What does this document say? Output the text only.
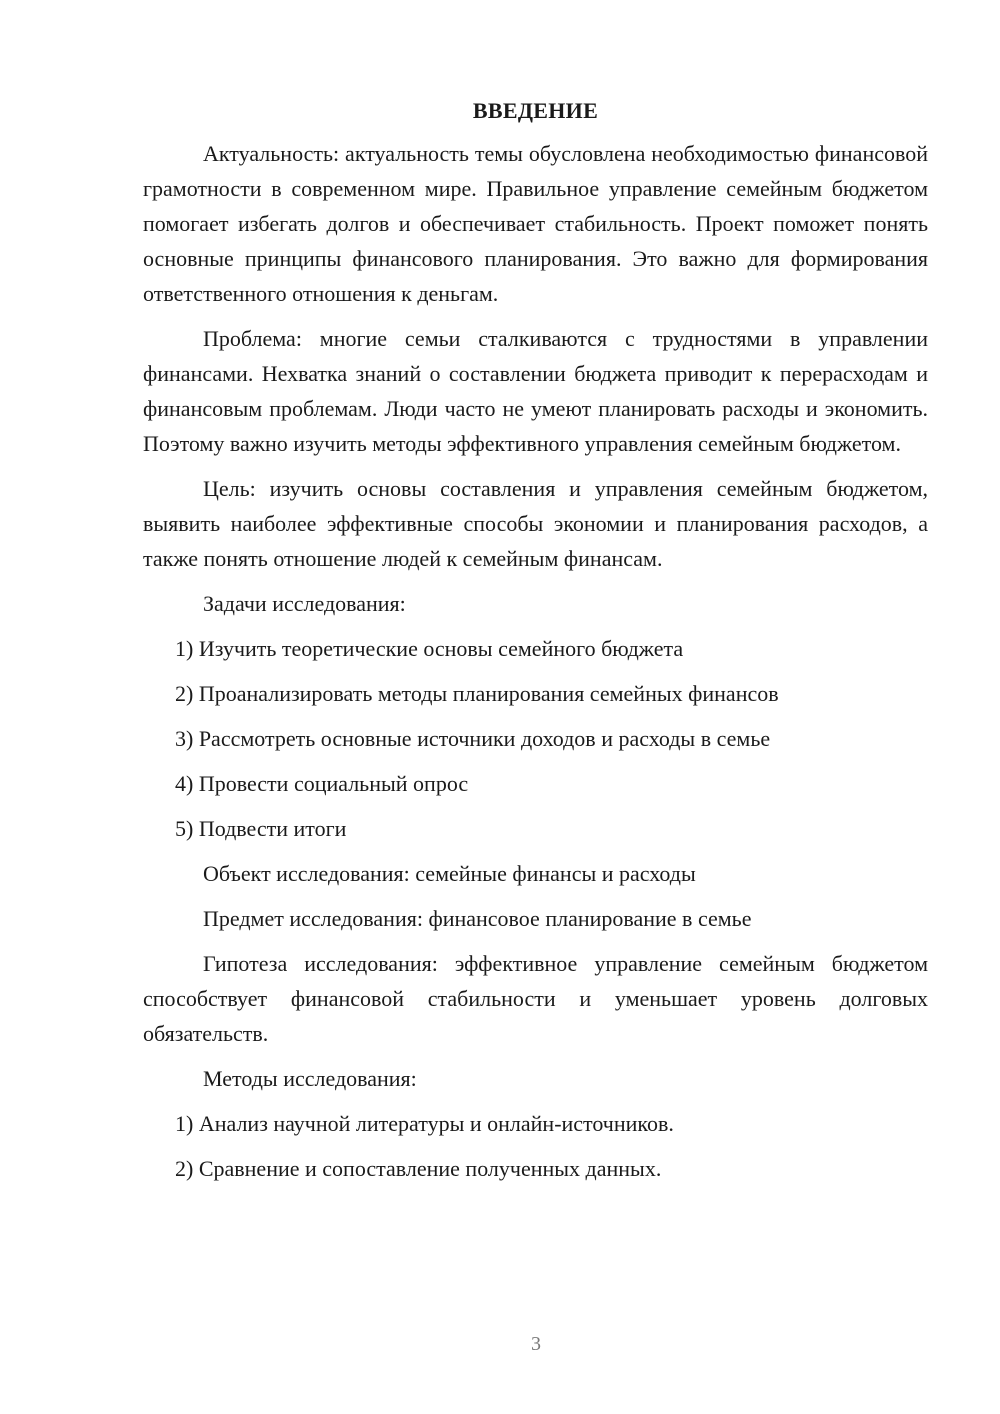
ВВЕДЕНИЕ
Актуальность: актуальность темы обусловлена необходимостью финансовой грамотности в современном мире. Правильное управление семейным бюджетом помогает избегать долгов и обеспечивает стабильность. Проект поможет понять основные принципы финансового планирования. Это важно для формирования ответственного отношения к деньгам.
Проблема: многие семьи сталкиваются с трудностями в управлении финансами. Нехватка знаний о составлении бюджета приводит к перерасходам и финансовым проблемам. Люди часто не умеют планировать расходы и экономить. Поэтому важно изучить методы эффективного управления семейным бюджетом.
Цель: изучить основы составления и управления семейным бюджетом, выявить наиболее эффективные способы экономии и планирования расходов, а также понять отношение людей к семейным финансам.
Задачи исследования:
1) Изучить теоретические основы семейного бюджета
2) Проанализировать методы планирования семейных финансов
3) Рассмотреть основные источники доходов и расходы в семье
4) Провести социальный опрос
5) Подвести итоги
Объект исследования: семейные финансы и расходы
Предмет исследования: финансовое планирование в семье
Гипотеза исследования: эффективное управление семейным бюджетом способствует финансовой стабильности и уменьшает уровень долговых обязательств.
Методы исследования:
1) Анализ научной литературы и онлайн-источников.
2) Сравнение и сопоставление полученных данных.
3
